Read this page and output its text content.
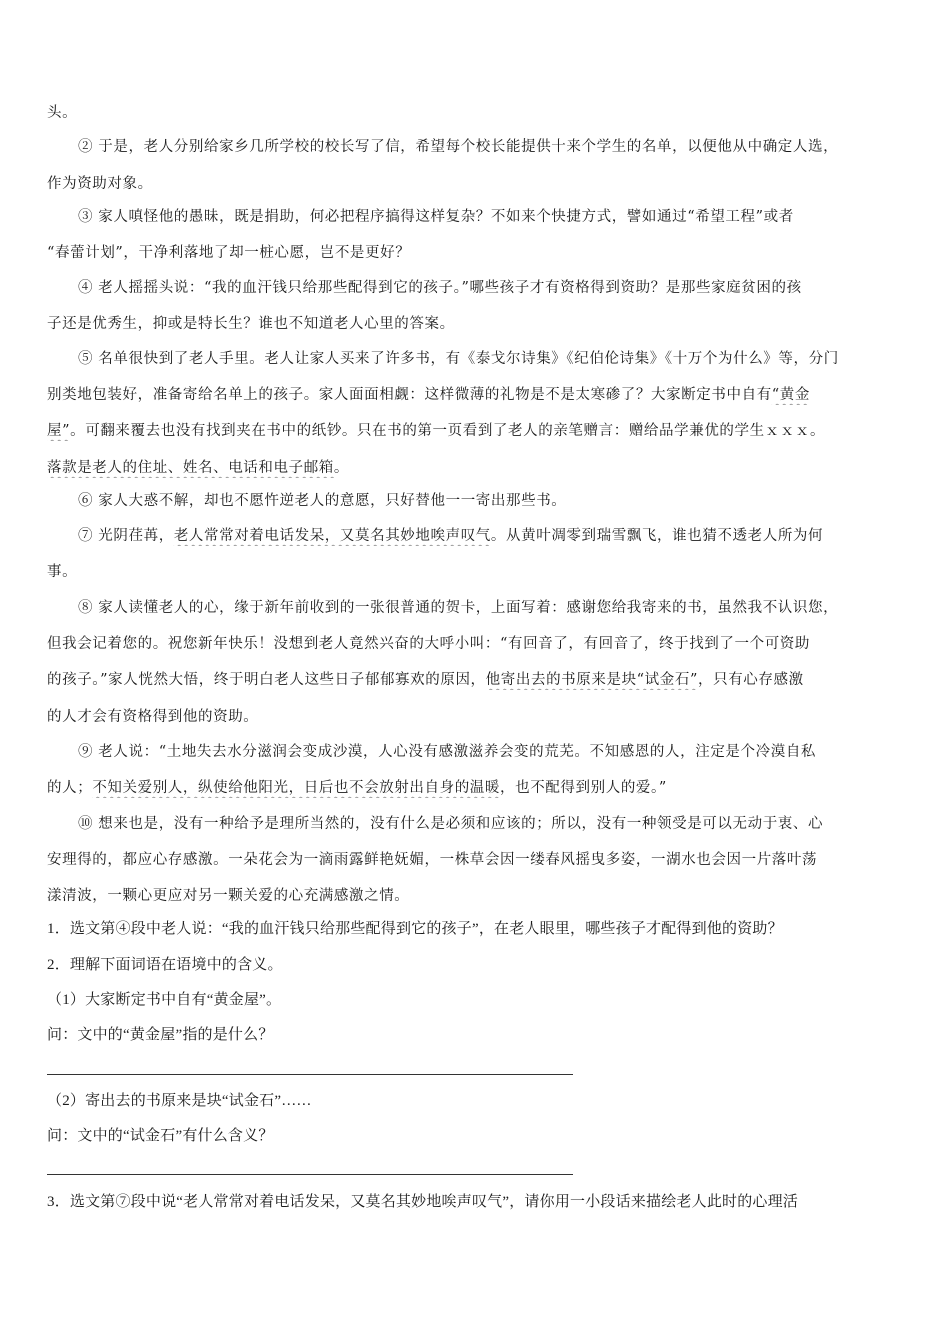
头。
② 于是，老人分别给家乡几所学校的校长写了信，希望每个校长能提供十来个学生的名单，以便他从中确定人选，
作为资助对象。
③ 家人嗔怪他的愚昧，既是捐助，何必把程序搞得这样复杂？不如来个快捷方式，譬如通过“希望工程”或者
“春蕾计划”，干净利落地了却一桩心愿，岂不是更好？
④ 老人摇摇头说：“我的血汗钱只给那些配得到它的孩子。”哪些孩子才有资格得到资助？是那些家庭贫困的孩
子还是优秀生，抑或是特长生？谁也不知道老人心里的答案。
⑤ 名单很快到了老人手里。老人让家人买来了许多书，有《泰戈尔诗集》《纪伯伦诗集》《十万个为什么》等，分门
别类地包装好，准备寄给名单上的孩子。家人面面相觑：这样微薄的礼物是不是太寒碜了？大家断定书中自有“黄金
屋”。可翻来覆去也没有找到夹在书中的纸钞。只在书的第一页看到了老人的亲笔赠言：赠给品学兼优的学生ｘｘｘ。
落款是老人的住址、姓名、电话和电子邮箱。
⑥ 家人大惑不解，却也不愿忤逆老人的意愿，只好替他一一寄出那些书。
⑦ 光阴荏苒，老人常常对着电话发呆，又莫名其妙地唉声叹气。从黄叶凋零到瑞雪飘飞，谁也猜不透老人所为何
事。
⑧ 家人读懂老人的心，缘于新年前收到的一张很普通的贺卡，上面写着：感谢您给我寄来的书，虽然我不认识您，
但我会记着您的。祝您新年快乐！没想到老人竟然兴奋的大呼小叫：“有回音了，有回音了，终于找到了一个可资助
的孩子。”家人恍然大悟，终于明白老人这些日子郁郁寡欢的原因，他寄出去的书原来是块“试金石”，只有心存感激
的人才会有资格得到他的资助。
⑨ 老人说：“土地失去水分滋润会变成沙漠，人心没有感激滋养会变的荒芜。不知感恩的人，注定是个冷漠自私
的人；不知关爱别人，纵使给他阳光，日后也不会放射出自身的温暖，也不配得到别人的爱。”
⑩ 想来也是，没有一种给予是理所当然的，没有什么是必须和应该的；所以，没有一种领受是可以无动于衷、心
安理得的，都应心存感激。一朵花会为一滴雨露鲜艳妩媚，一株草会因一缕春风摇曳多姿，一湖水也会因一片落叶荡
漾清波，一颗心更应对另一颗关爱的心充满感激之情。
1．选文第④段中老人说：“我的血汗钱只给那些配得到它的孩子”，在老人眼里，哪些孩子才配得到他的资助？
2．理解下面词语在语境中的含义。
（1）大家断定书中自有“黄金屋”。
问：文中的“黄金屋”指的是什么？
（2）寄出去的书原来是块“试金石”……
问：文中的“试金石”有什么含义？
3．选文第⑦段中说“老人常常对着电话发呆，又莫名其妙地唉声叹气”，请你用一小段话来描绘老人此时的心理活
